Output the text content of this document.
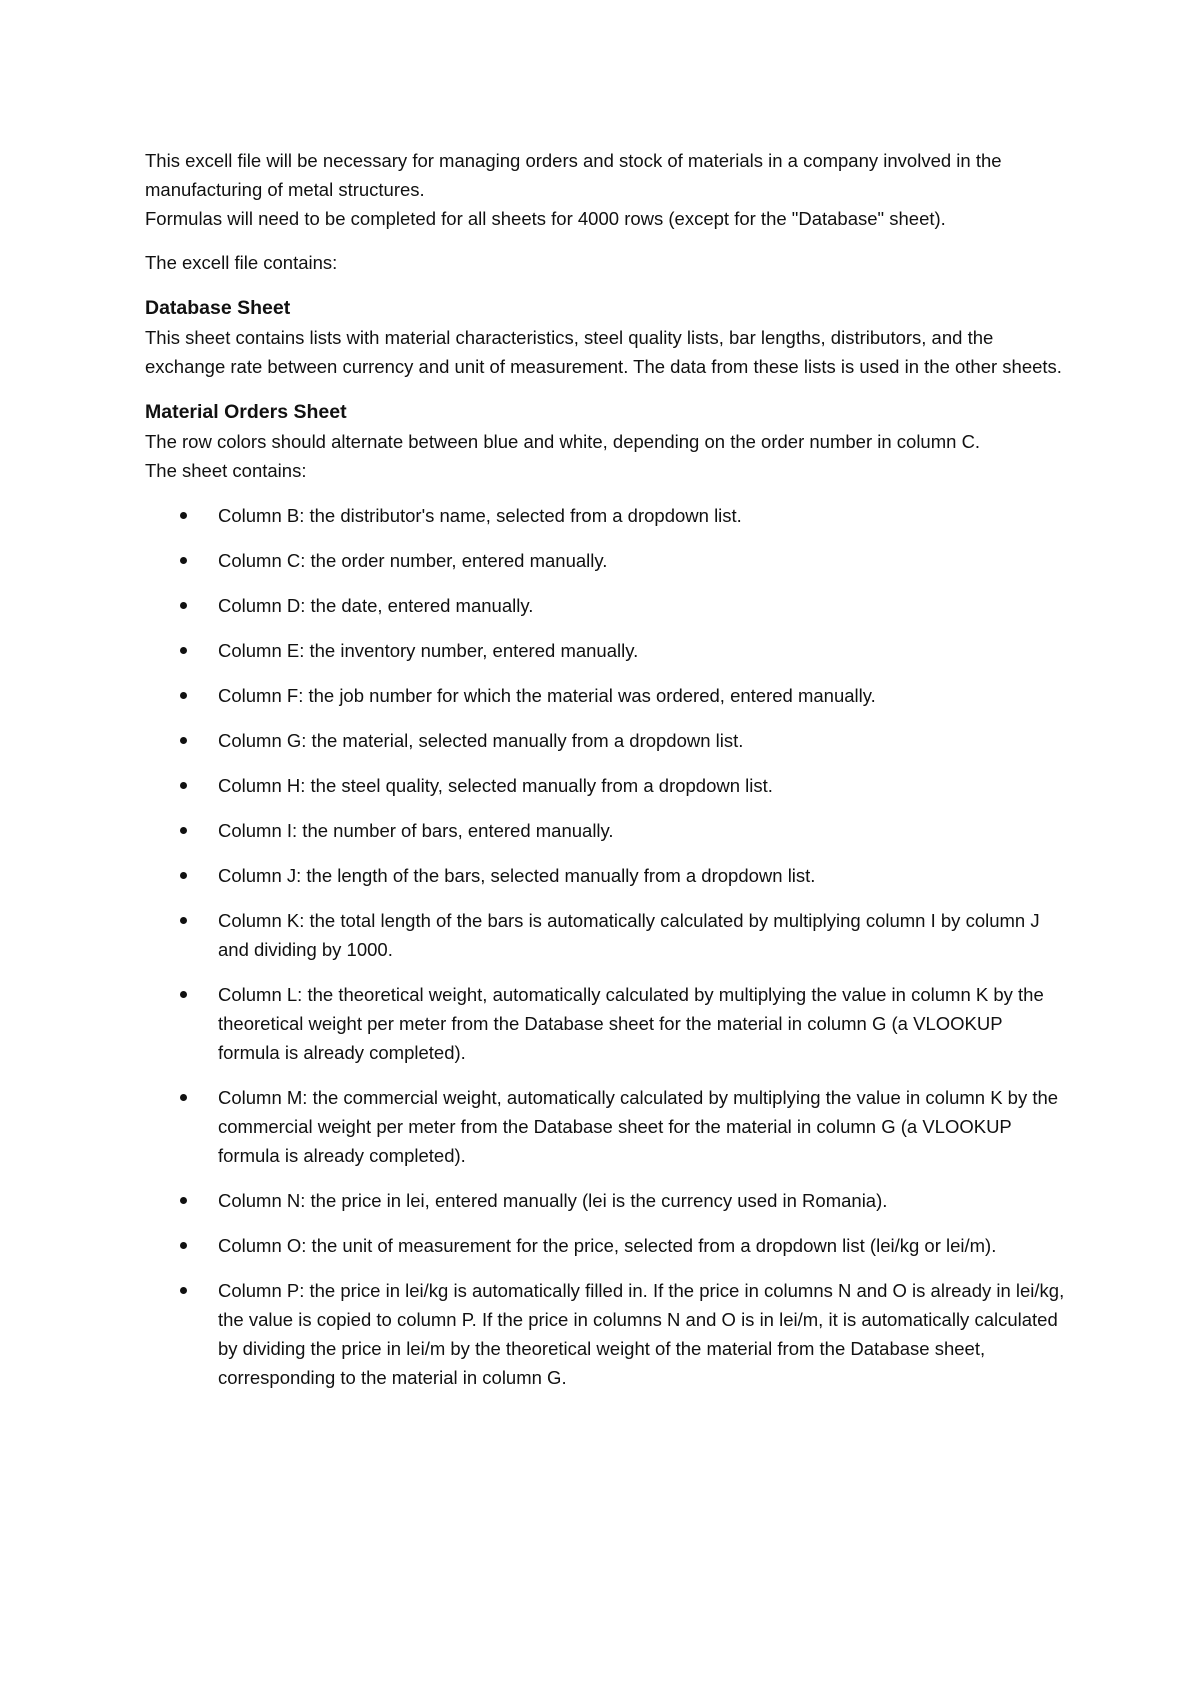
This excell file will be necessary for managing orders and stock of materials in a company involved in the manufacturing of metal structures.

Formulas will need to be completed for all sheets for 4000 rows (except for the "Database" sheet).

The excell file contains:

Database Sheet

This sheet contains lists with material characteristics, steel quality lists, bar lengths, distributors, and the exchange rate between currency and unit of measurement. The data from these lists is used in the other sheets.

Material Orders Sheet

The row colors should alternate between blue and white, depending on the order number in column C.

The sheet contains:

Column B: the distributor's name, selected from a dropdown list.
Column C: the order number, entered manually.
Column D: the date, entered manually.
Column E: the inventory number, entered manually.
Column F: the job number for which the material was ordered, entered manually.
Column G: the material, selected manually from a dropdown list.
Column H: the steel quality, selected manually from a dropdown list.
Column I: the number of bars, entered manually.
Column J: the length of the bars, selected manually from a dropdown list.
Column K: the total length of the bars is automatically calculated by multiplying column I by column J and dividing by 1000.
Column L: the theoretical weight, automatically calculated by multiplying the value in column K by the theoretical weight per meter from the Database sheet for the material in column G (a VLOOKUP formula is already completed).
Column M: the commercial weight, automatically calculated by multiplying the value in column K by the commercial weight per meter from the Database sheet for the material in column G (a VLOOKUP formula is already completed).
Column N: the price in lei, entered manually (lei is the currency used in Romania).
Column O: the unit of measurement for the price, selected from a dropdown list (lei/kg or lei/m).
Column P: the price in lei/kg is automatically filled in. If the price in columns N and O is already in lei/kg, the value is copied to column P. If the price in columns N and O is in lei/m, it is automatically calculated by dividing the price in lei/m by the theoretical weight of the material from the Database sheet, corresponding to the material in column G.
